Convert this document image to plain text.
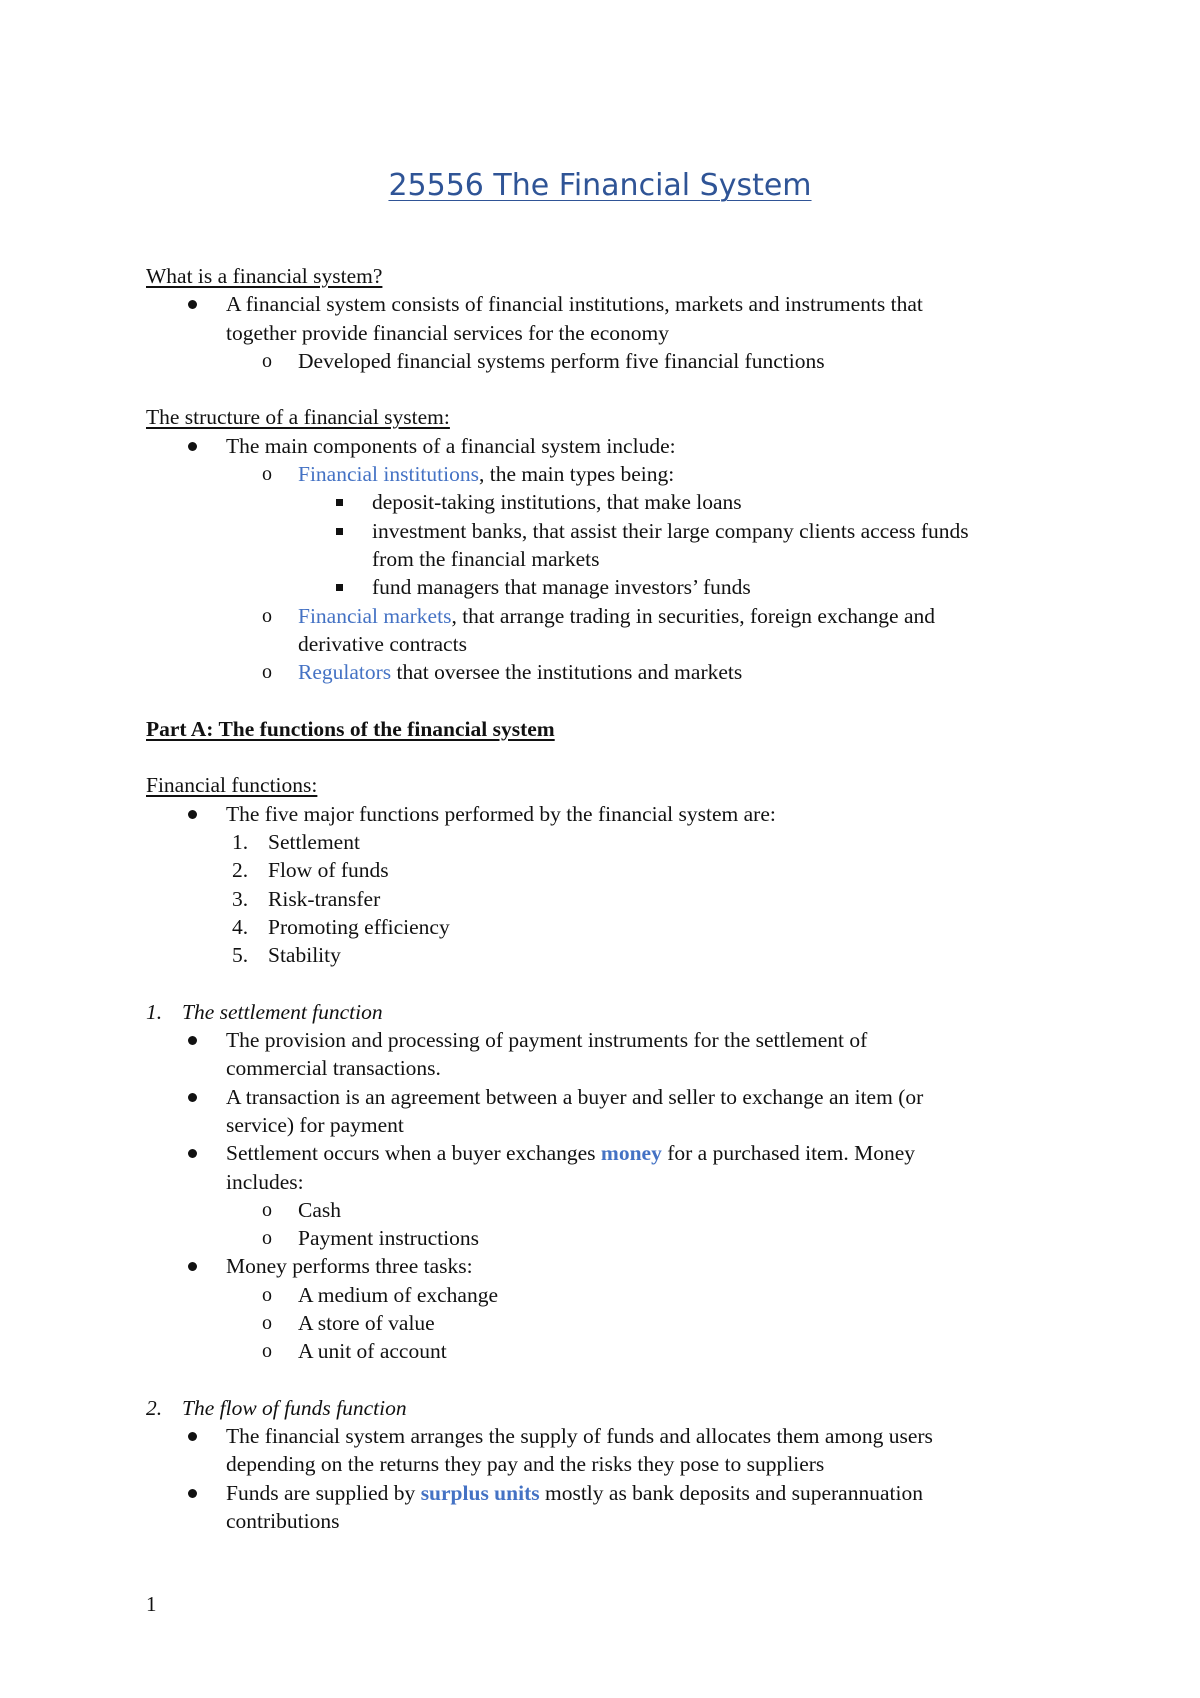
25556 The Financial System
What is a financial system?
A financial system consists of financial institutions, markets and instruments that
together provide financial services for the economy
o Developed financial systems perform five financial functions
The structure of a financial system:
The main components of a financial system include:
o Financial institutions, the main types being:
deposit-taking institutions, that make loans
investment banks, that assist their large company clients access funds
from the financial markets
fund managers that manage investors’ funds
o Financial markets, that arrange trading in securities, foreign exchange and
derivative contracts
o Regulators that oversee the institutions and markets
Part A: The functions of the financial system
Financial functions:
The five major functions performed by the financial system are:
1. Settlement
2. Flow of funds
3. Risk-transfer
4. Promoting efficiency
5. Stability
1. The settlement function
The provision and processing of payment instruments for the settlement of
commercial transactions.
A transaction is an agreement between a buyer and seller to exchange an item (or
service) for payment
Settlement occurs when a buyer exchanges money for a purchased item. Money
includes:
o Cash
o Payment instructions
Money performs three tasks:
o A medium of exchange
o A store of value
o A unit of account
2. The flow of funds function
The financial system arranges the supply of funds and allocates them among users
depending on the returns they pay and the risks they pose to suppliers
Funds are supplied by surplus units mostly as bank deposits and superannuation
contributions
1
